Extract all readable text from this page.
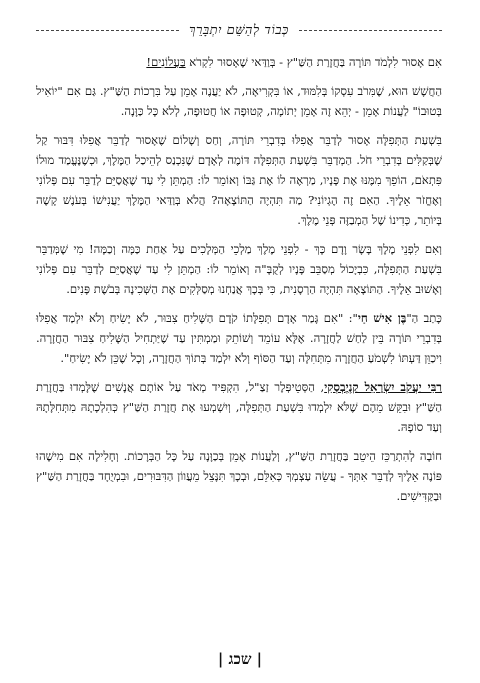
כְּבוֹד לְהַשֵּׁם יִתְבָּרֵךְ

אִם אָסוּר לִלְמֹד תּוֹרָה בַּחֲזָרַת הַשַּׁ"ץ - בְּוַדַּאי שֶׁאָסוּר לִקְרֹא בַּעֲלוֹנִים!

הַחֲשָׁשׁ הוּא, שֶׁמִּרֹב עִסְקוֹ בְּלִמּוּד, אוֹ בִּקְרִיאָה, לֹא יַעֲנֶה אָמֵן עַל בִּרְכוֹת הַשַּׁ"ץ. גַּם אִם "יוֹאִיל בְּטוּבוֹ" לַעֲנוֹת אָמֵן - יְהֵא זֶה אָמֵן יְתוֹמָה, קְטוּפָה אוֹ חֲטוּפָה, לְלֹא כָּל כַּוָּנָה.

בִּשְׁעַת הַתְּפִלָּה אָסוּר לְדַבֵּר אֲפִלּוּ בְּדִבְרֵי תּוֹרָה, וְחַס וְשָׁלוֹם שֶׁאָסוּר לְדַבֵּר אֲפִלּוּ דִּבּוּר קַל שֶׁבְּקַלִּים בְּדִבְרֵי חֹל. הַמְדַבֵּר בִּשְׁעַת הַתְּפִלָּה דּוֹמֶה לְאָדָם שֶׁנִּכְנַס לְהֵיכַל הַמֶּלֶךְ, וּכְשֶׁנֶּעֱמַד מוּלוֹ פִּתְאֹם, הוֹפֵךְ מִמֶּנּוּ אֶת פָּנָיו, מַרְאֶה לוֹ אֶת גַּבּוֹ וְאוֹמֵר לוֹ: הַמְתֵּן לִי עַד שֶׁאֲסַיֵּם לְדַבֵּר עִם פְּלוֹנִי וְאֶחֱזֹר אֵלֶיךָ. הַאִם זֶה הֶגְיוֹנִי? מַה תִּהְיֶה הַתּוֹצָאָה? הֲלֹא בְּוַדַּאי הַמֶּלֶךְ יַעֲנִישׁוֹ בְּעֹנֶשׁ קָשֶׁה בְּיוֹתֵר, כְּדִינוֹ שֶׁל הַמְבַזֶּה פְּנֵי מֶלֶךְ.

וְאִם לִפְנֵי מֶלֶךְ בָּשָׂר וָדָם כָּךְ - לִפְנֵי מֶלֶךְ מַלְכֵי הַמְּלָכִים עַל אַחַת כַּמָּה וְכַמָּה! מִי שֶׁמְּדַבֵּר בִּשְׁעַת הַתְּפִלָּה, כִּבְיָכוֹל מְסַבֵּב פָּנָיו לְקֻבָּ"ה וְאוֹמֵר לוֹ: הַמְתֵּן לִי עַד שֶׁאֲסַיֵּם לְדַבֵּר עִם פְּלוֹנִי וְאָשׁוּב אֵלֶיךָ. הַתּוֹצָאָה תִּהְיֶה הַרְסָנִית, כִּי בְּכָךְ אֲנַחְנוּ מְסַלְּקִים אֶת הַשְּׁכִינָה בְּבֹשֶׁת פָּנִים.

כָּתַב הַ"בֶּן אִישׁ חַי": "אִם גָּמַר אָדָם תְּפִלָּתוֹ קֹדֶם הַשָּׁלִיחַ צִבּוּר, לֹא יָשִׂיחַ וְלֹא יִלְמַד אֲפִלּוּ בְּדִבְרֵי תּוֹרָה בֵּין לַחַשׁ לַחֲזָרָה. אֶלָּא עוֹמֵד וְשׁוֹתֵק וּמַמְתִּין עַד שֶׁיַּתְחִיל הַשָּׁלִיחַ צִבּוּר הַחֲזָרָה. וִיכַוֵּן דַּעְתּוֹ לִשְׁמֹעַ הַחֲזָרָה מִתְּחִלָּה וְעַד הַסּוֹף וְלֹא יִלְמַד בְּתוֹךְ הַחֲזָרָה, וְכָל שֶׁכֵּן לֹא יָשִׂיחַ".

רַבִּי יַעֲקֹב יִשְׂרָאֵל קַנְיֶבְסְקִי, הַסְּטֵיפְּלֶר זַצַ"ל, הִקְפִּיד מְאֹד עַל אוֹתָם אֲנָשִׁים שֶׁלָּמְדוּ בַּחֲזָרַת הַשַּׁ"ץ וּבִקֵּשׁ מֵהֶם שֶׁלֹּא יִלְמְדוּ בִּשְׁעַת הַתְּפִלָּה, וְיִשְׁמְעוּ אֶת חֲזָרַת הַשַּׁ"ץ כְּהִלְכָתָהּ מִתְּחִלָּתָהּ וְעַד סוֹפָהּ.

חוֹבָה לְהִתְרַכֵּז הֵיטֵב בַּחֲזָרַת הַשַּׁ"ץ, וְלַעֲנוֹת אָמֵן בְּכַוָּנָה עַל כָּל הַבְּרָכוֹת. וְחָלִילָה אִם מִישֶׁהוּ פּוֹנֶה אֵלֶיךָ לְדַבֵּר אִתְּךָ - עֲשֵׂה עַצְמְךָ כְּאִלֵּם, וּבְכָךְ תִּנָּצֵל מֵעֲווֹן הַדִּבּוּרִים, וּבִמְיֻחָד בַּחֲזָרַת הַשַּׁ"ץ וּבַקַּדִּישִׁים.

| שכג |
